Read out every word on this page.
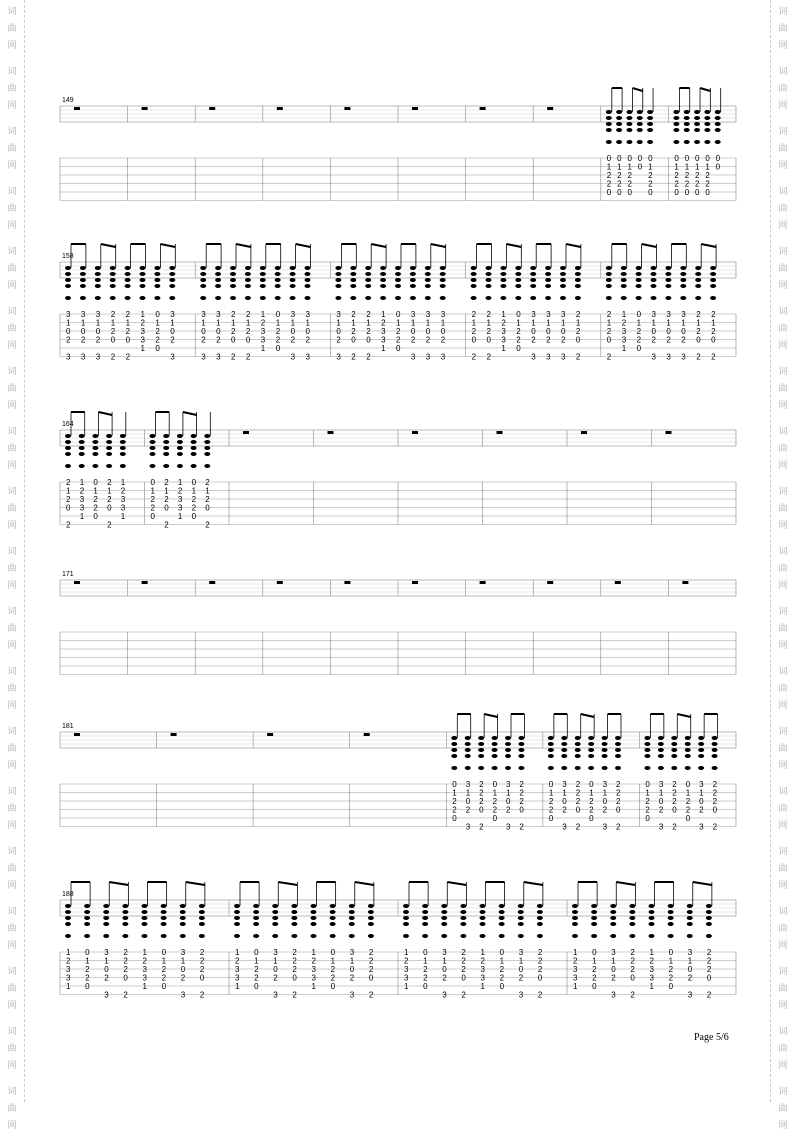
词
曲
网
词
曲
网
词
曲
网
词
曲
网
词
曲
网
词
曲
网
词
曲
网
词
曲
网
词
曲
网
词
曲
网
词
曲
网
词
曲
网
词
曲
网
词
曲
网
词
曲
网
词
曲
网
词
曲
网
词
曲
网
词
曲
网
词
曲
网
词
曲
网
词
曲
网
词
曲
网
词
曲
网
词
曲
网
词
曲
网
词
曲
网
词
曲
网
词
曲
网
词
曲
网
词
曲
网
词
曲
网
词
曲
网
词
曲
网
词
曲
网
词
曲
网
词
曲
网
词
曲
网
149
0
1
2
2
0
0
1
2
2
0
0
1
2
2
0
0
0
0
1
2
2
0
0
1
2
2
0
0
1
2
2
0
0
1
2
2
0
0
1
2
2
0
0
0
158
3
1
0
2
3
3
1
0
2
3
3
1
0
2
3
2
1
2
0
2
2
1
2
0
2
1
2
3
3
1
0
1
2
2
0
3
1
0
2
3
3
1
0
2
3
3
1
0
2
3
2
1
2
0
2
2
1
2
0
2
1
2
3
3
1
0
1
2
2
0
3
1
0
2
3
3
1
0
2
3
3
1
0
2
3
2
1
2
0
2
2
1
2
0
2
1
2
3
3
1
0
1
2
2
0
3
1
0
2
3
3
1
0
2
3
3
1
0
2
3
2
1
2
0
2
2
1
2
0
2
1
2
3
3
1
0
1
2
2
0
3
1
0
2
3
3
1
0
2
3
3
1
0
2
3
2
1
2
0
2
2
1
2
0
2
1
2
3
3
1
0
1
2
2
0
3
1
0
2
3
3
1
0
2
3
3
1
0
2
3
2
1
2
0
2
2
1
2
0
2
164
2
1
2
0
2
1
2
3
3
1
0
1
2
2
0
2
1
2
0
2
1
2
3
3
1
0
1
2
2
0
2
1
2
0
2
1
2
3
3
1
0
1
2
2
0
2
1
2
0
2
171
181
0
1
2
2
0
3
1
0
2
3
2
2
2
0
2
0
1
2
2
0
3
1
0
2
3
2
2
2
0
2
0
1
2
2
0
3
1
0
2
3
2
2
2
0
2
0
1
2
2
0
3
1
0
2
3
2
2
2
0
2
0
1
2
2
0
3
1
0
2
3
2
2
2
0
2
0
1
2
2
0
3
1
0
2
3
2
2
2
0
2
188
1
2
3
3
1
0
1
2
2
0
3
1
0
2
3
2
2
2
0
2
1
2
3
3
1
0
1
2
2
0
3
1
0
2
3
2
2
2
0
2
1
2
3
3
1
0
1
2
2
0
3
1
0
2
3
2
2
2
0
2
1
2
3
3
1
0
1
2
2
0
3
1
0
2
3
2
2
2
0
2
1
2
3
3
1
0
1
2
2
0
3
1
0
2
3
2
2
2
0
2
1
2
3
3
1
0
1
2
2
0
3
1
0
2
3
2
2
2
0
2
1
2
3
3
1
0
1
2
2
0
3
1
0
2
3
2
2
2
0
2
1
2
3
3
1
0
1
2
2
0
3
1
0
2
3
2
2
2
0
2
Page 5/6
